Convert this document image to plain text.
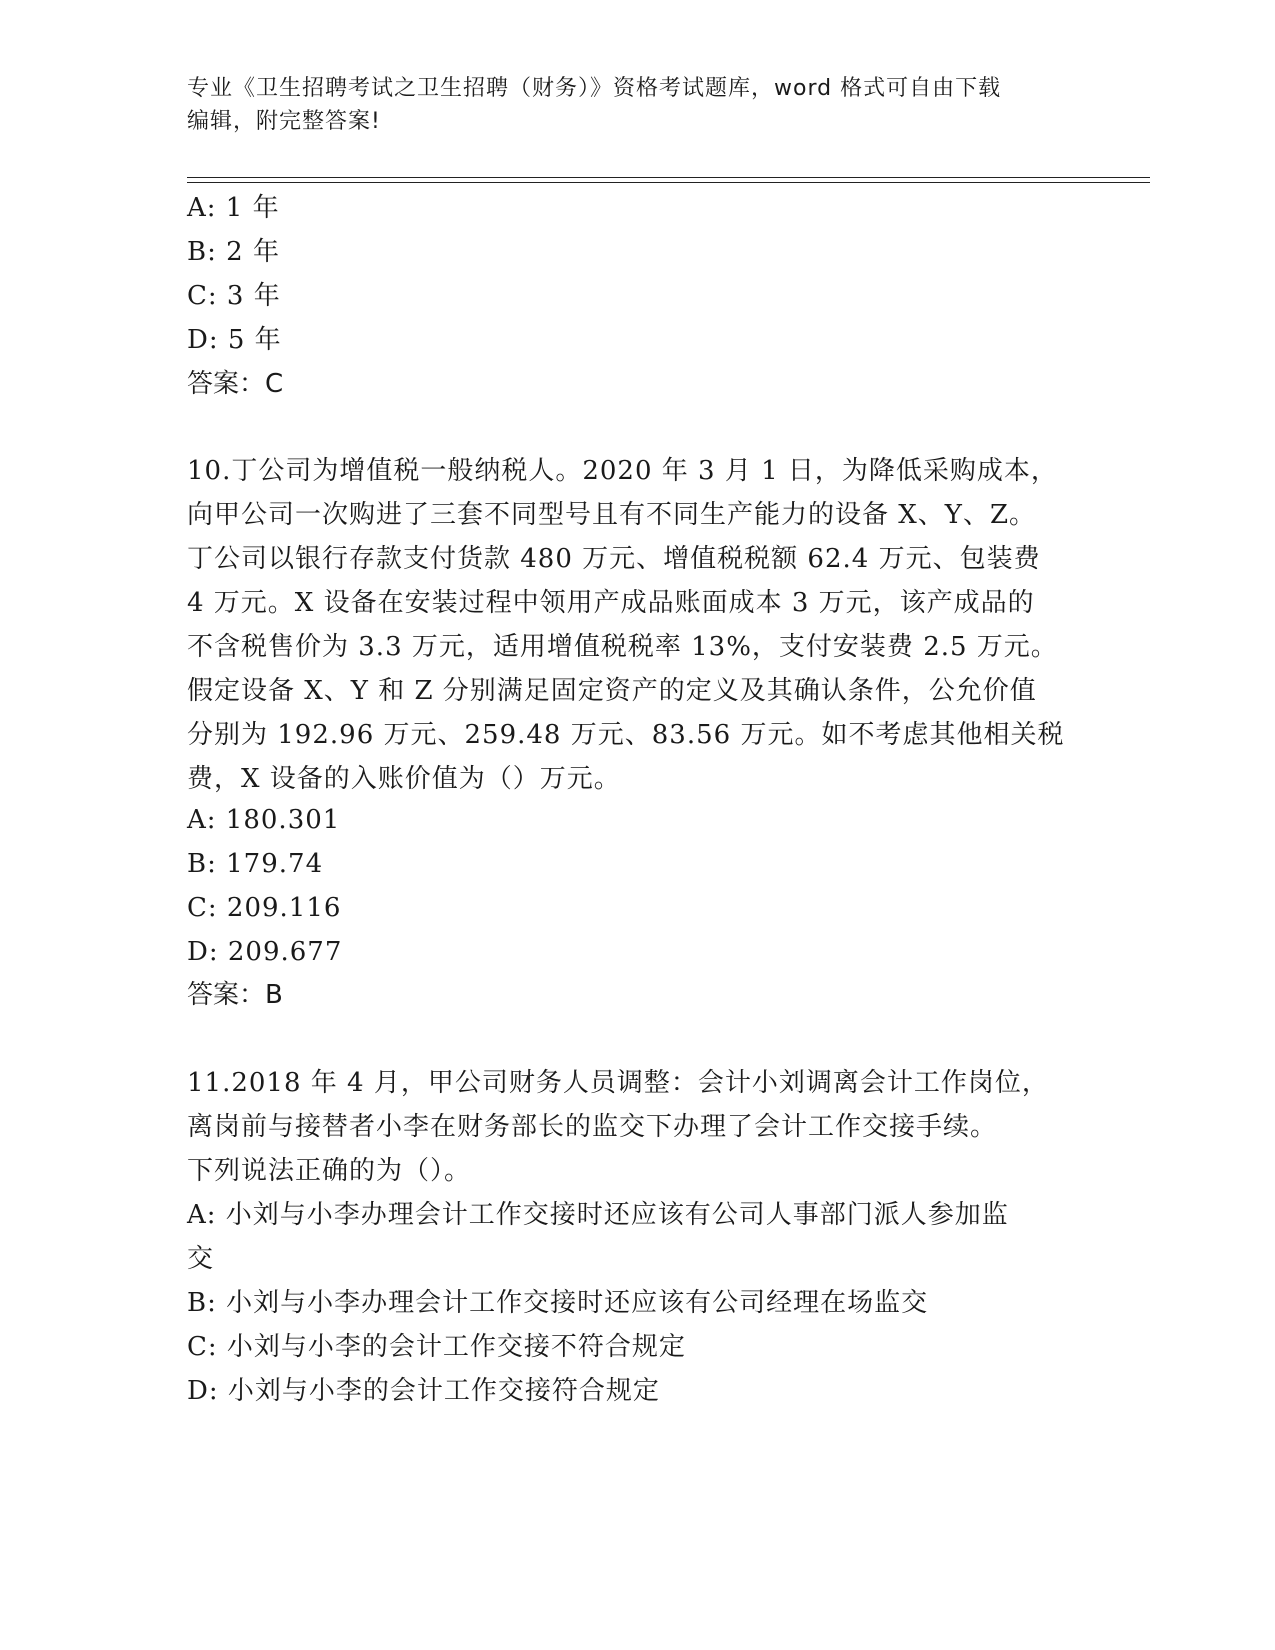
专业《卫生招聘考试之卫生招聘（财务）》资格考试题库，word 格式可自由下载
编辑，附完整答案!
A: 1 年
B: 2 年
C: 3 年
D: 5 年
答案：C
10.丁公司为增值税一般纳税人。2020 年 3 月 1 日，为降低采购成本，
向甲公司一次购进了三套不同型号且有不同生产能力的设备 X、Y、Z。
丁公司以银行存款支付货款 480 万元、增值税税额 62.4 万元、包装费
4 万元。X 设备在安装过程中领用产成品账面成本 3 万元，该产成品的
不含税售价为 3.3 万元，适用增值税税率 13%，支付安装费 2.5 万元。
假定设备 X、Y 和 Z 分别满足固定资产的定义及其确认条件，公允价值
分别为 192.96 万元、259.48 万元、83.56 万元。如不考虑其他相关税
费，X 设备的入账价值为（）万元。
A: 180.301
B: 179.74
C: 209.116
D: 209.677
答案：B
11.2018 年 4 月，甲公司财务人员调整：会计小刘调离会计工作岗位，
离岗前与接替者小李在财务部长的监交下办理了会计工作交接手续。
下列说法正确的为（）。
A: 小刘与小李办理会计工作交接时还应该有公司人事部门派人参加监
交
B: 小刘与小李办理会计工作交接时还应该有公司经理在场监交
C: 小刘与小李的会计工作交接不符合规定
D: 小刘与小李的会计工作交接符合规定
